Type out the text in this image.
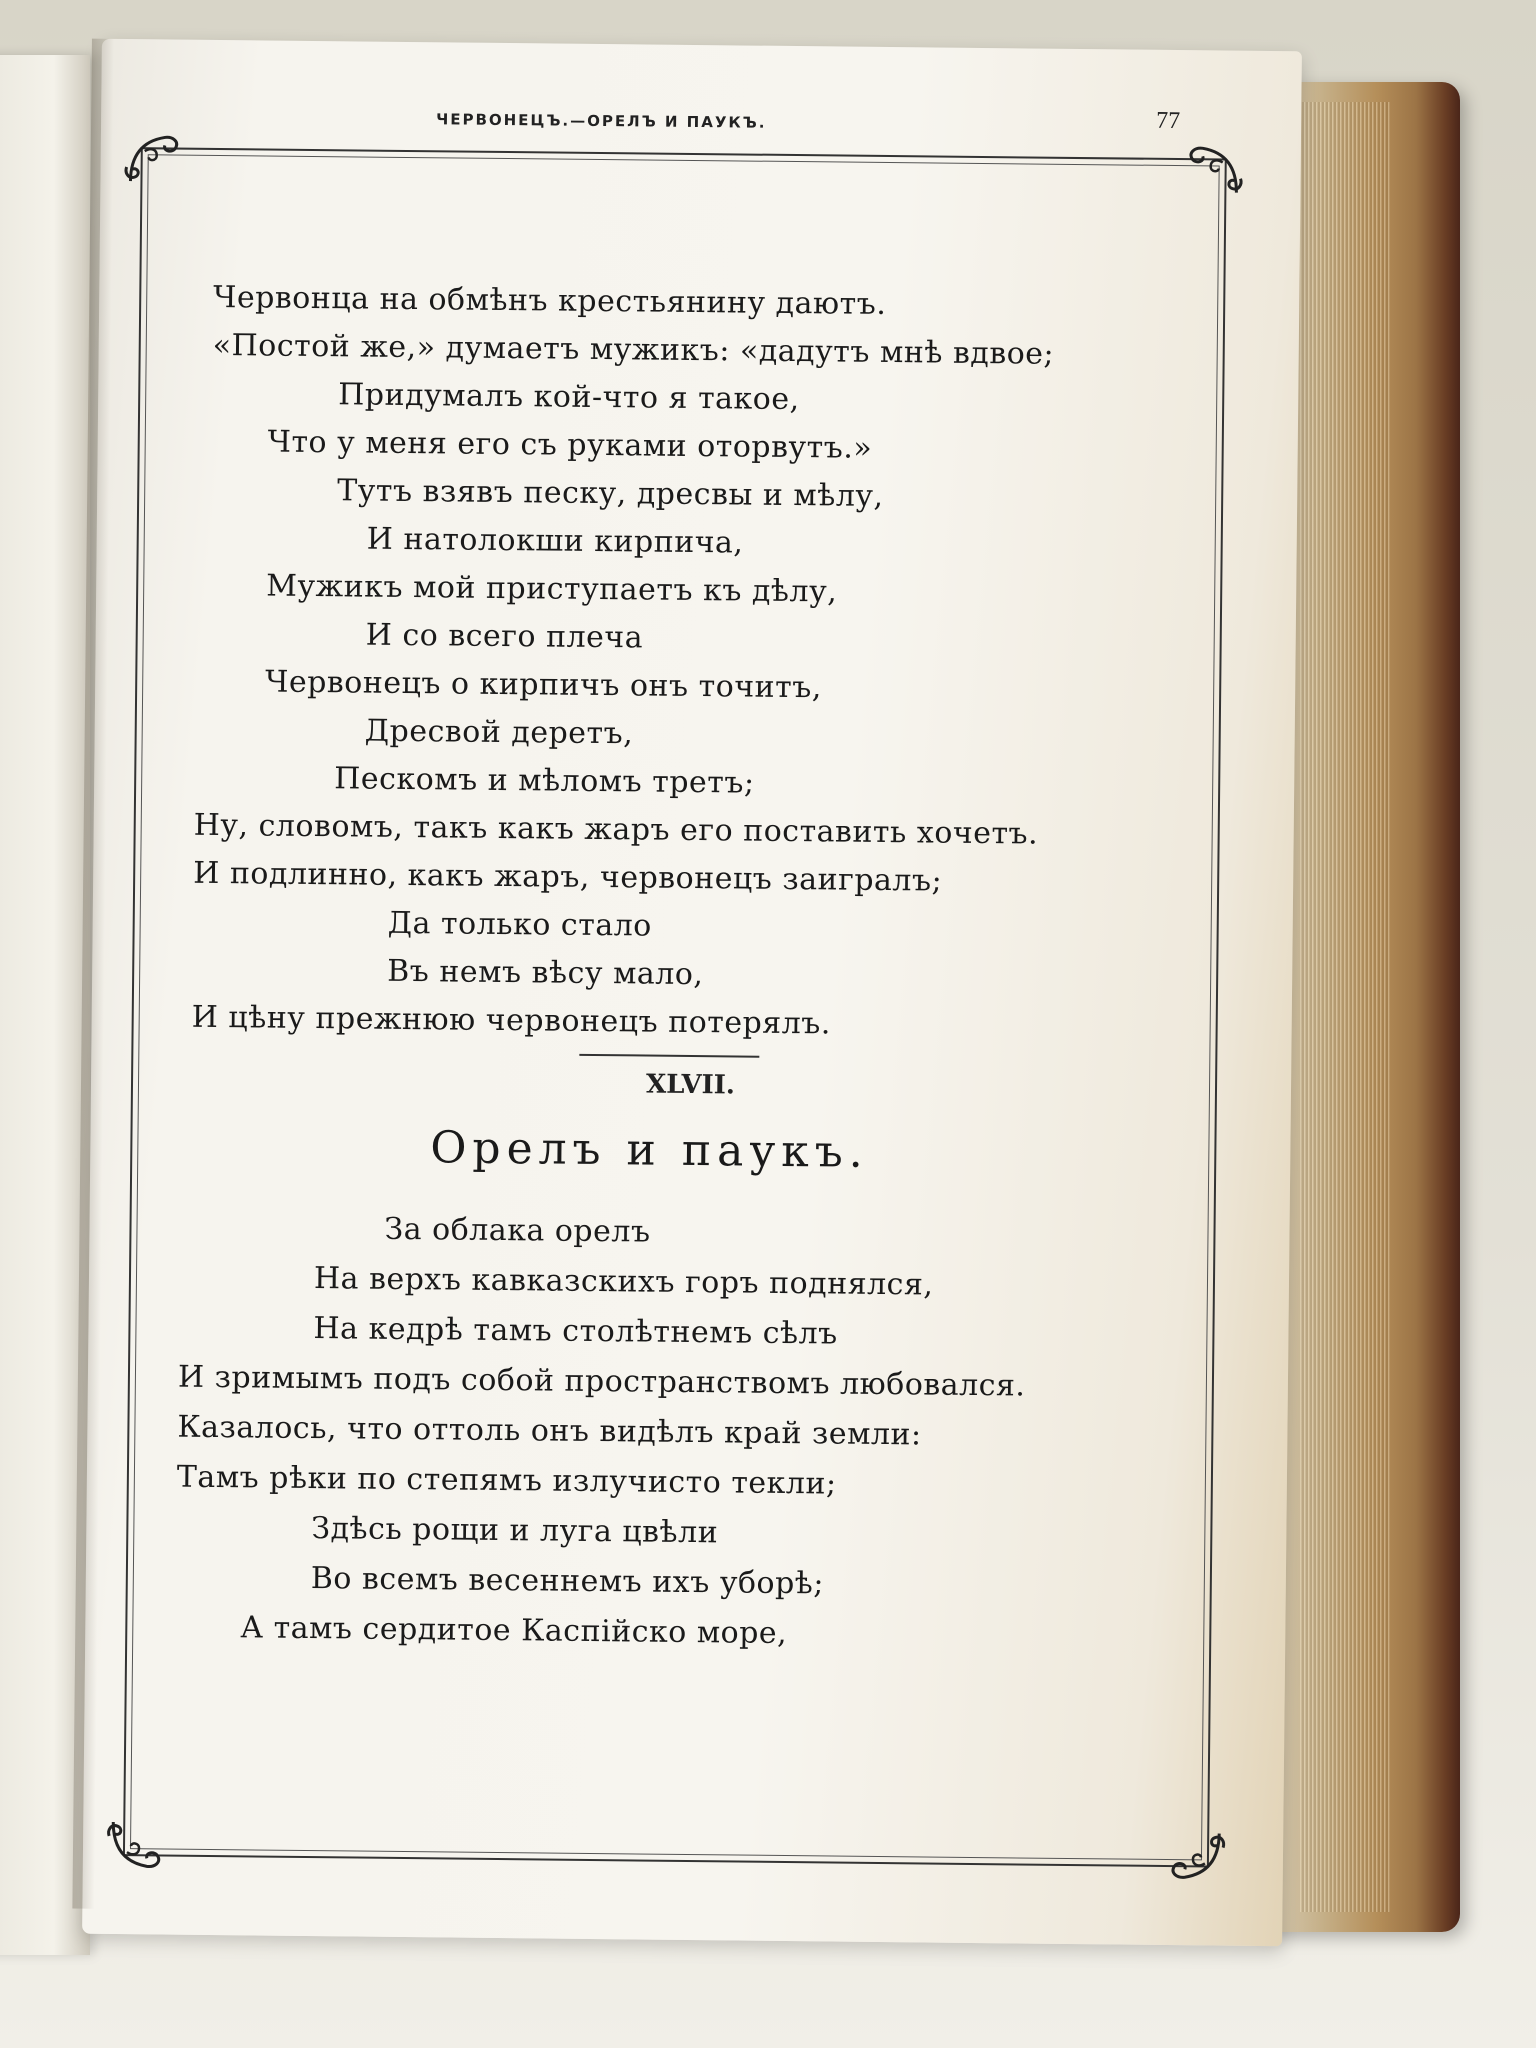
ЧЕРВОНЕЦЪ.—ОРЕЛЪ И ПАУКЪ.	77
Червонца на обмѣнъ крестьянину даютъ.
«Постой же,» думаетъ мужикъ: «дадутъ мнѣ вдвое;
Придумалъ кой-что я такое,
Что у меня его съ руками оторвутъ.»
Тутъ взявъ песку, дресвы и мѣлу,
И натолокши кирпича,
Мужикъ мой приступаетъ къ дѣлу,
И со всего плеча
Червонецъ о кирпичъ онъ точитъ,
Дресвой деретъ,
Пескомъ и мѣломъ третъ;
Ну, словомъ, такъ какъ жаръ его поставить хочетъ.
И подлинно, какъ жаръ, червонецъ заигралъ;
Да только стало
Въ немъ вѣсу мало,
И цѣну прежнюю червонецъ потерялъ.
XLVII.
Орелъ и паукъ.
За облака орелъ
На верхъ кавказскихъ горъ поднялся,
На кедрѣ тамъ столѣтнемъ сѣлъ
И зримымъ подъ собой пространствомъ любовался.
Казалось, что оттоль онъ видѣлъ край земли:
Тамъ рѣки по степямъ излучисто текли;
Здѣсь рощи и луга цвѣли
Во всемъ весеннемъ ихъ уборѣ;
А тамъ сердитое Каспійско море,
